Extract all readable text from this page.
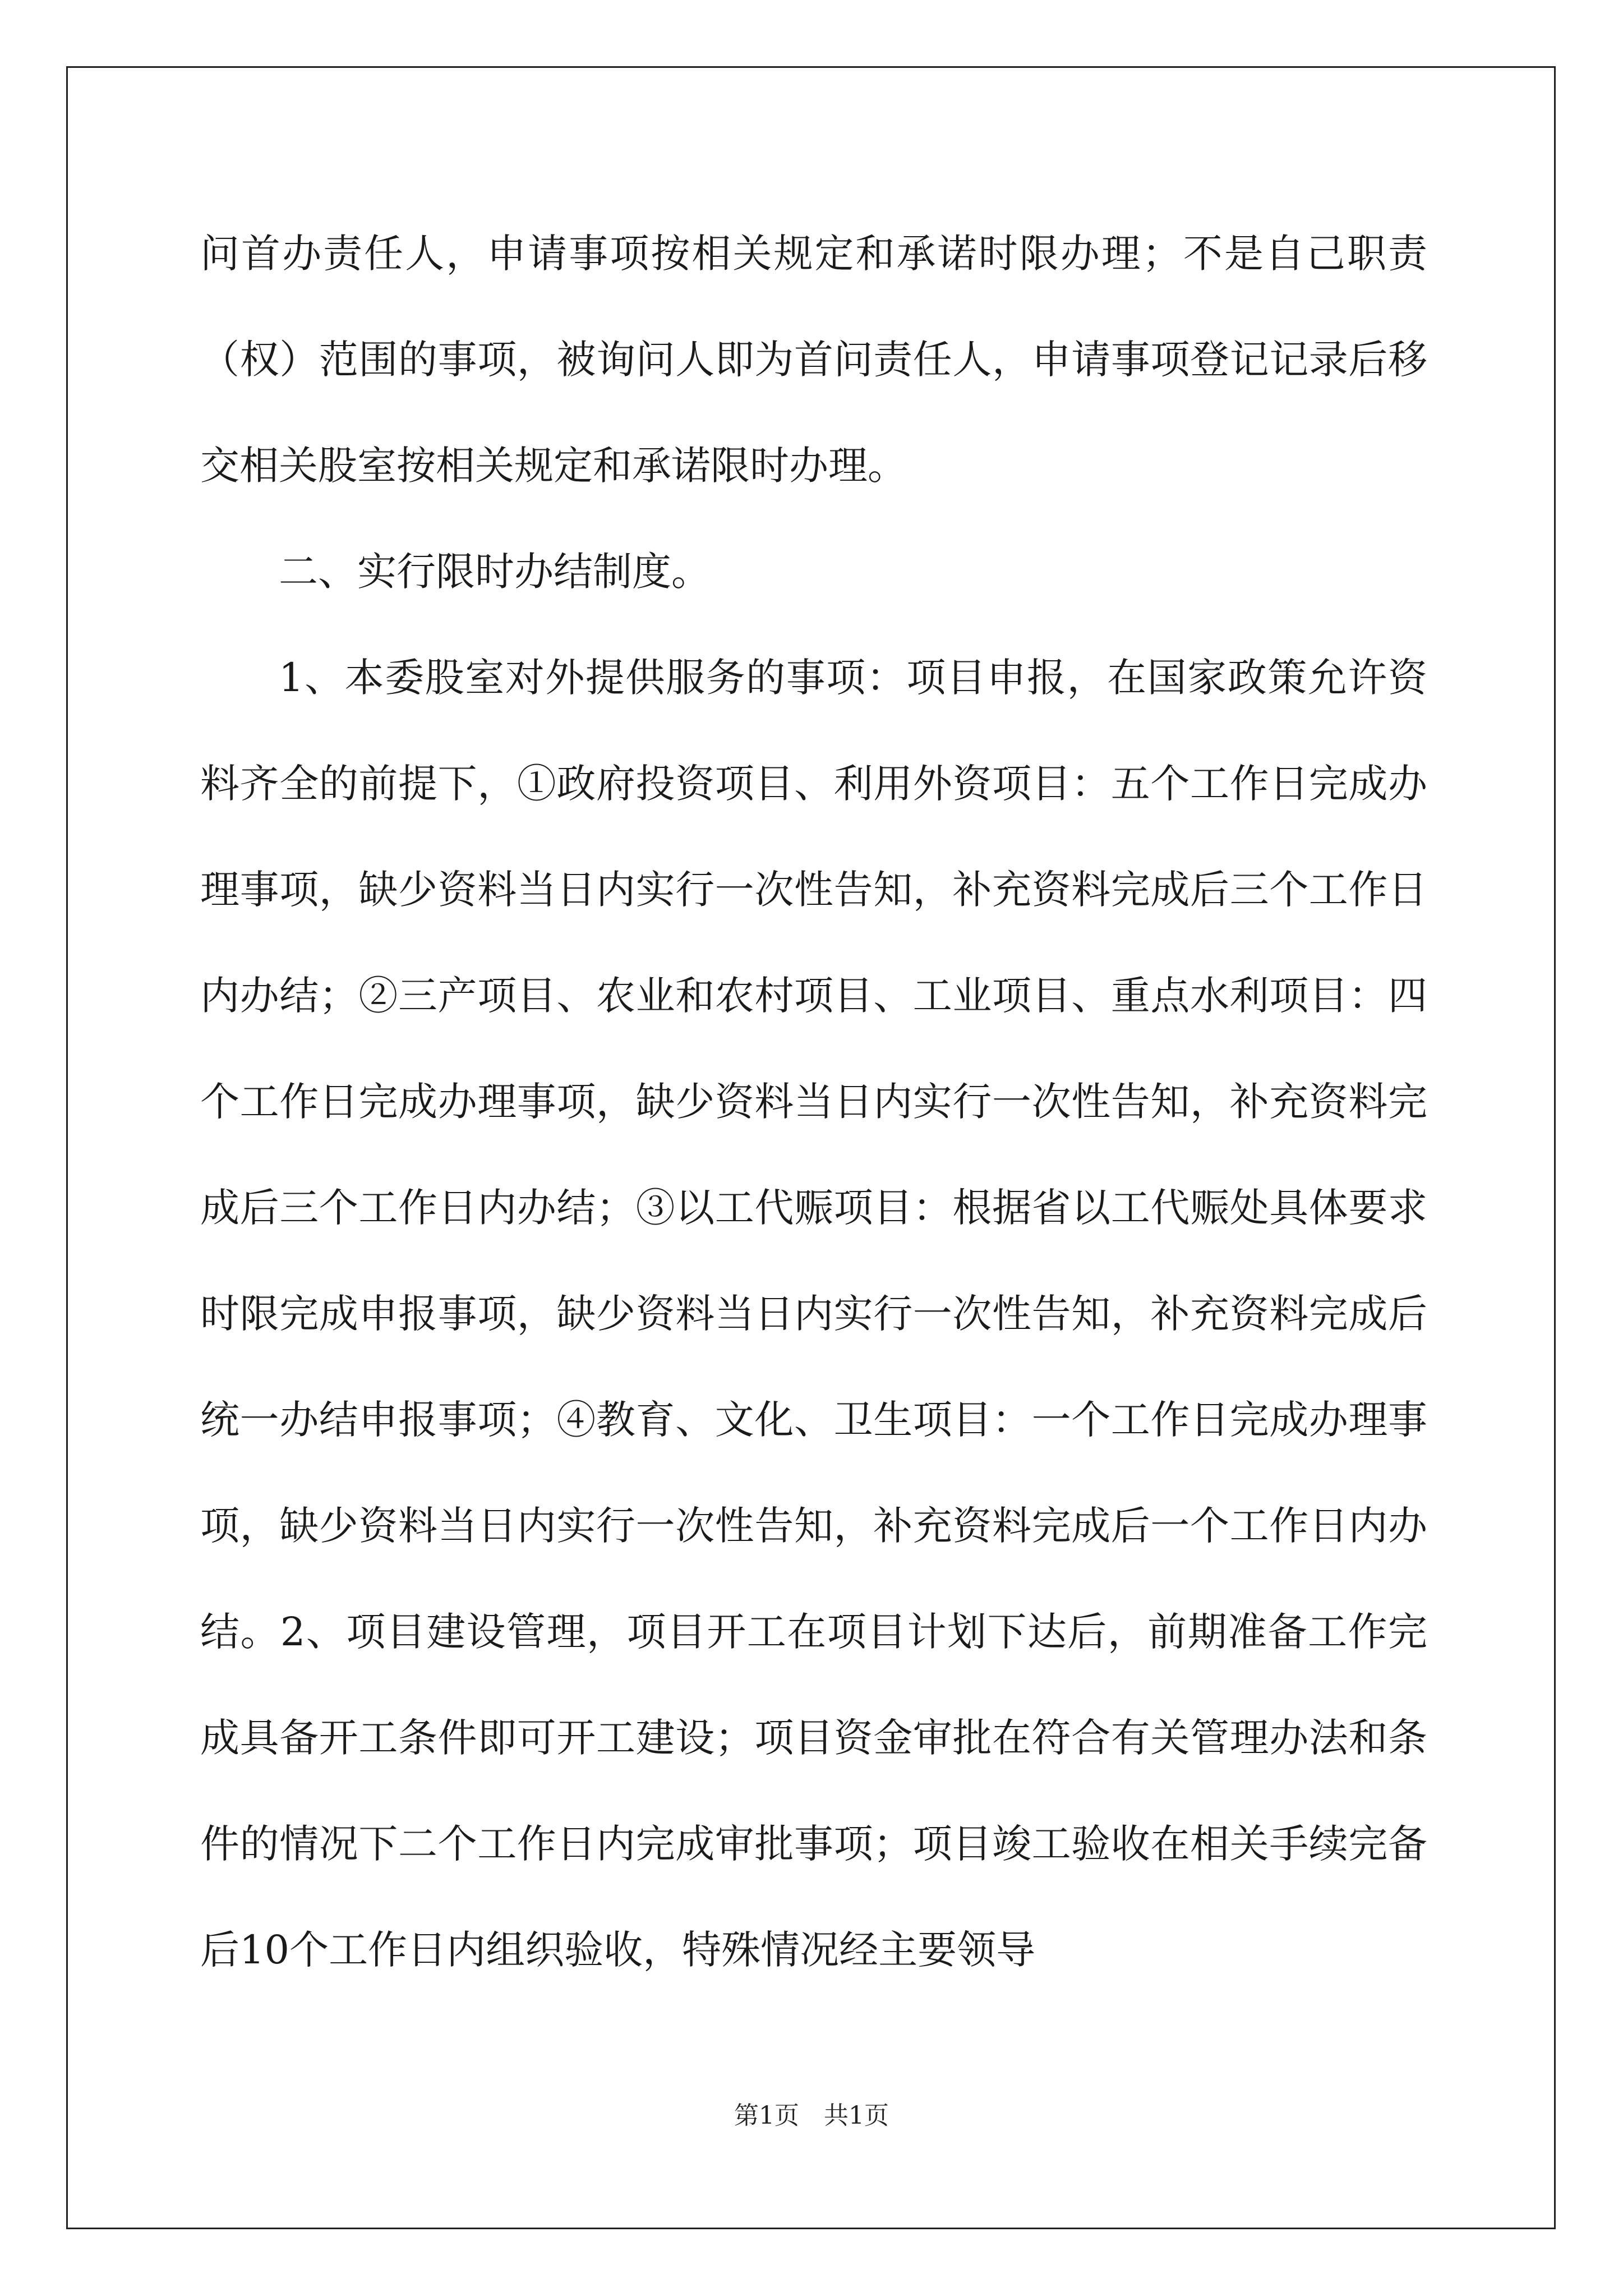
问首办责任人，申请事项按相关规定和承诺时限办理；不是自己职责（权）范围的事项，被询问人即为首问责任人，申请事项登记记录后移交相关股室按相关规定和承诺限时办理。

二、实行限时办结制度。

1、本委股室对外提供服务的事项：项目申报，在国家政策允许资料齐全的前提下，①政府投资项目、利用外资项目：五个工作日完成办理事项，缺少资料当日内实行一次性告知，补充资料完成后三个工作日内办结；②三产项目、农业和农村项目、工业项目、重点水利项目：四个工作日完成办理事项，缺少资料当日内实行一次性告知，补充资料完成后三个工作日内办结；③以工代赈项目：根据省以工代赈处具体要求时限完成申报事项，缺少资料当日内实行一次性告知，补充资料完成后统一办结申报事项；④教育、文化、卫生项目：一个工作日完成办理事项，缺少资料当日内实行一次性告知，补充资料完成后一个工作日内办结。2、项目建设管理，项目开工在项目计划下达后，前期准备工作完成具备开工条件即可开工建设；项目资金审批在符合有关管理办法和条件的情况下二个工作日内完成审批事项；项目竣工验收在相关手续完备后10个工作日内组织验收，特殊情况经主要领导

第1页　共1页
